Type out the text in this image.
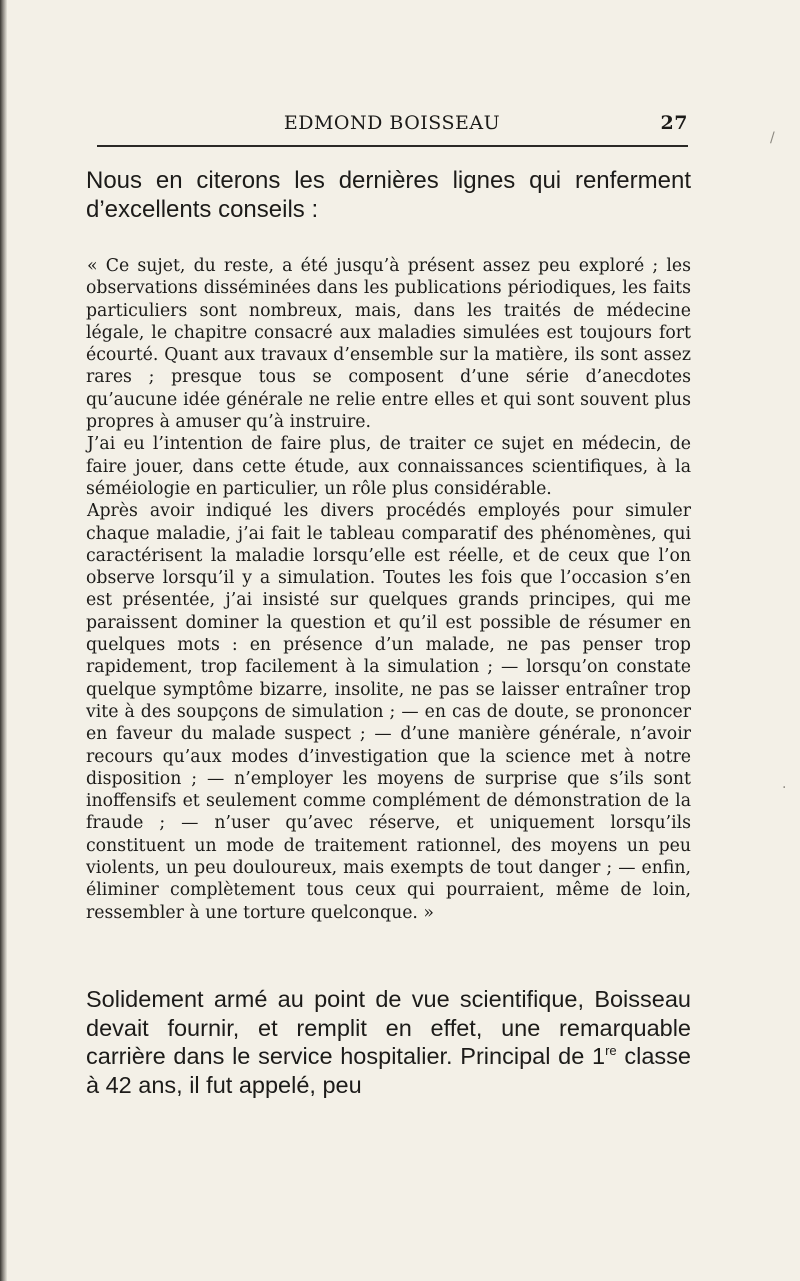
EDMOND BOISSEAU	27

Nous en citerons les dernières lignes qui renferment d’excellents conseils :

« Ce sujet, du reste, a été jusqu’à présent assez peu exploré ; les observations disséminées dans les publications périodiques, les faits particuliers sont nombreux, mais, dans les traités de médecine légale, le chapitre consacré aux maladies simulées est toujours fort écourté. Quant aux travaux d’ensemble sur la matière, ils sont assez rares ; presque tous se composent d’une série d’anecdotes qu’aucune idée générale ne relie entre elles et qui sont souvent plus propres à amuser qu’à instruire.

J’ai eu l’intention de faire plus, de traiter ce sujet en médecin, de faire jouer, dans cette étude, aux connaissances scientifiques, à la séméiologie en particulier, un rôle plus considérable.

Après avoir indiqué les divers procédés employés pour simuler chaque maladie, j’ai fait le tableau comparatif des phénomènes, qui caractérisent la maladie lorsqu’elle est réelle, et de ceux que l’on observe lorsqu’il y a simulation. Toutes les fois que l’occasion s’en est présentée, j’ai insisté sur quelques grands principes, qui me paraissent dominer la question et qu’il est possible de résumer en quelques mots : en présence d’un malade, ne pas penser trop rapidement, trop facilement à la simulation ; — lorsqu’on constate quelque symptôme bizarre, insolite, ne pas se laisser entraîner trop vite à des soupçons de simulation ; — en cas de doute, se prononcer en faveur du malade suspect ; — d’une manière générale, n’avoir recours qu’aux modes d’investigation que la science met à notre disposition ; — n’employer les moyens de surprise que s’ils sont inoffensifs et seulement comme complément de démonstration de la fraude ; — n’user qu’avec réserve, et uniquement lorsqu’ils constituent un mode de traitement rationnel, des moyens un peu violents, un peu douloureux, mais exempts de tout danger ; — enfin, éliminer complètement tous ceux qui pourraient, même de loin, ressembler à une torture quelconque. »

Solidement armé au point de vue scientifique, Boisseau devait fournir, et remplit en effet, une remarquable carrière dans le service hospitalier. Principal de 1re classe à 42 ans, il fut appelé, peu

/
·
